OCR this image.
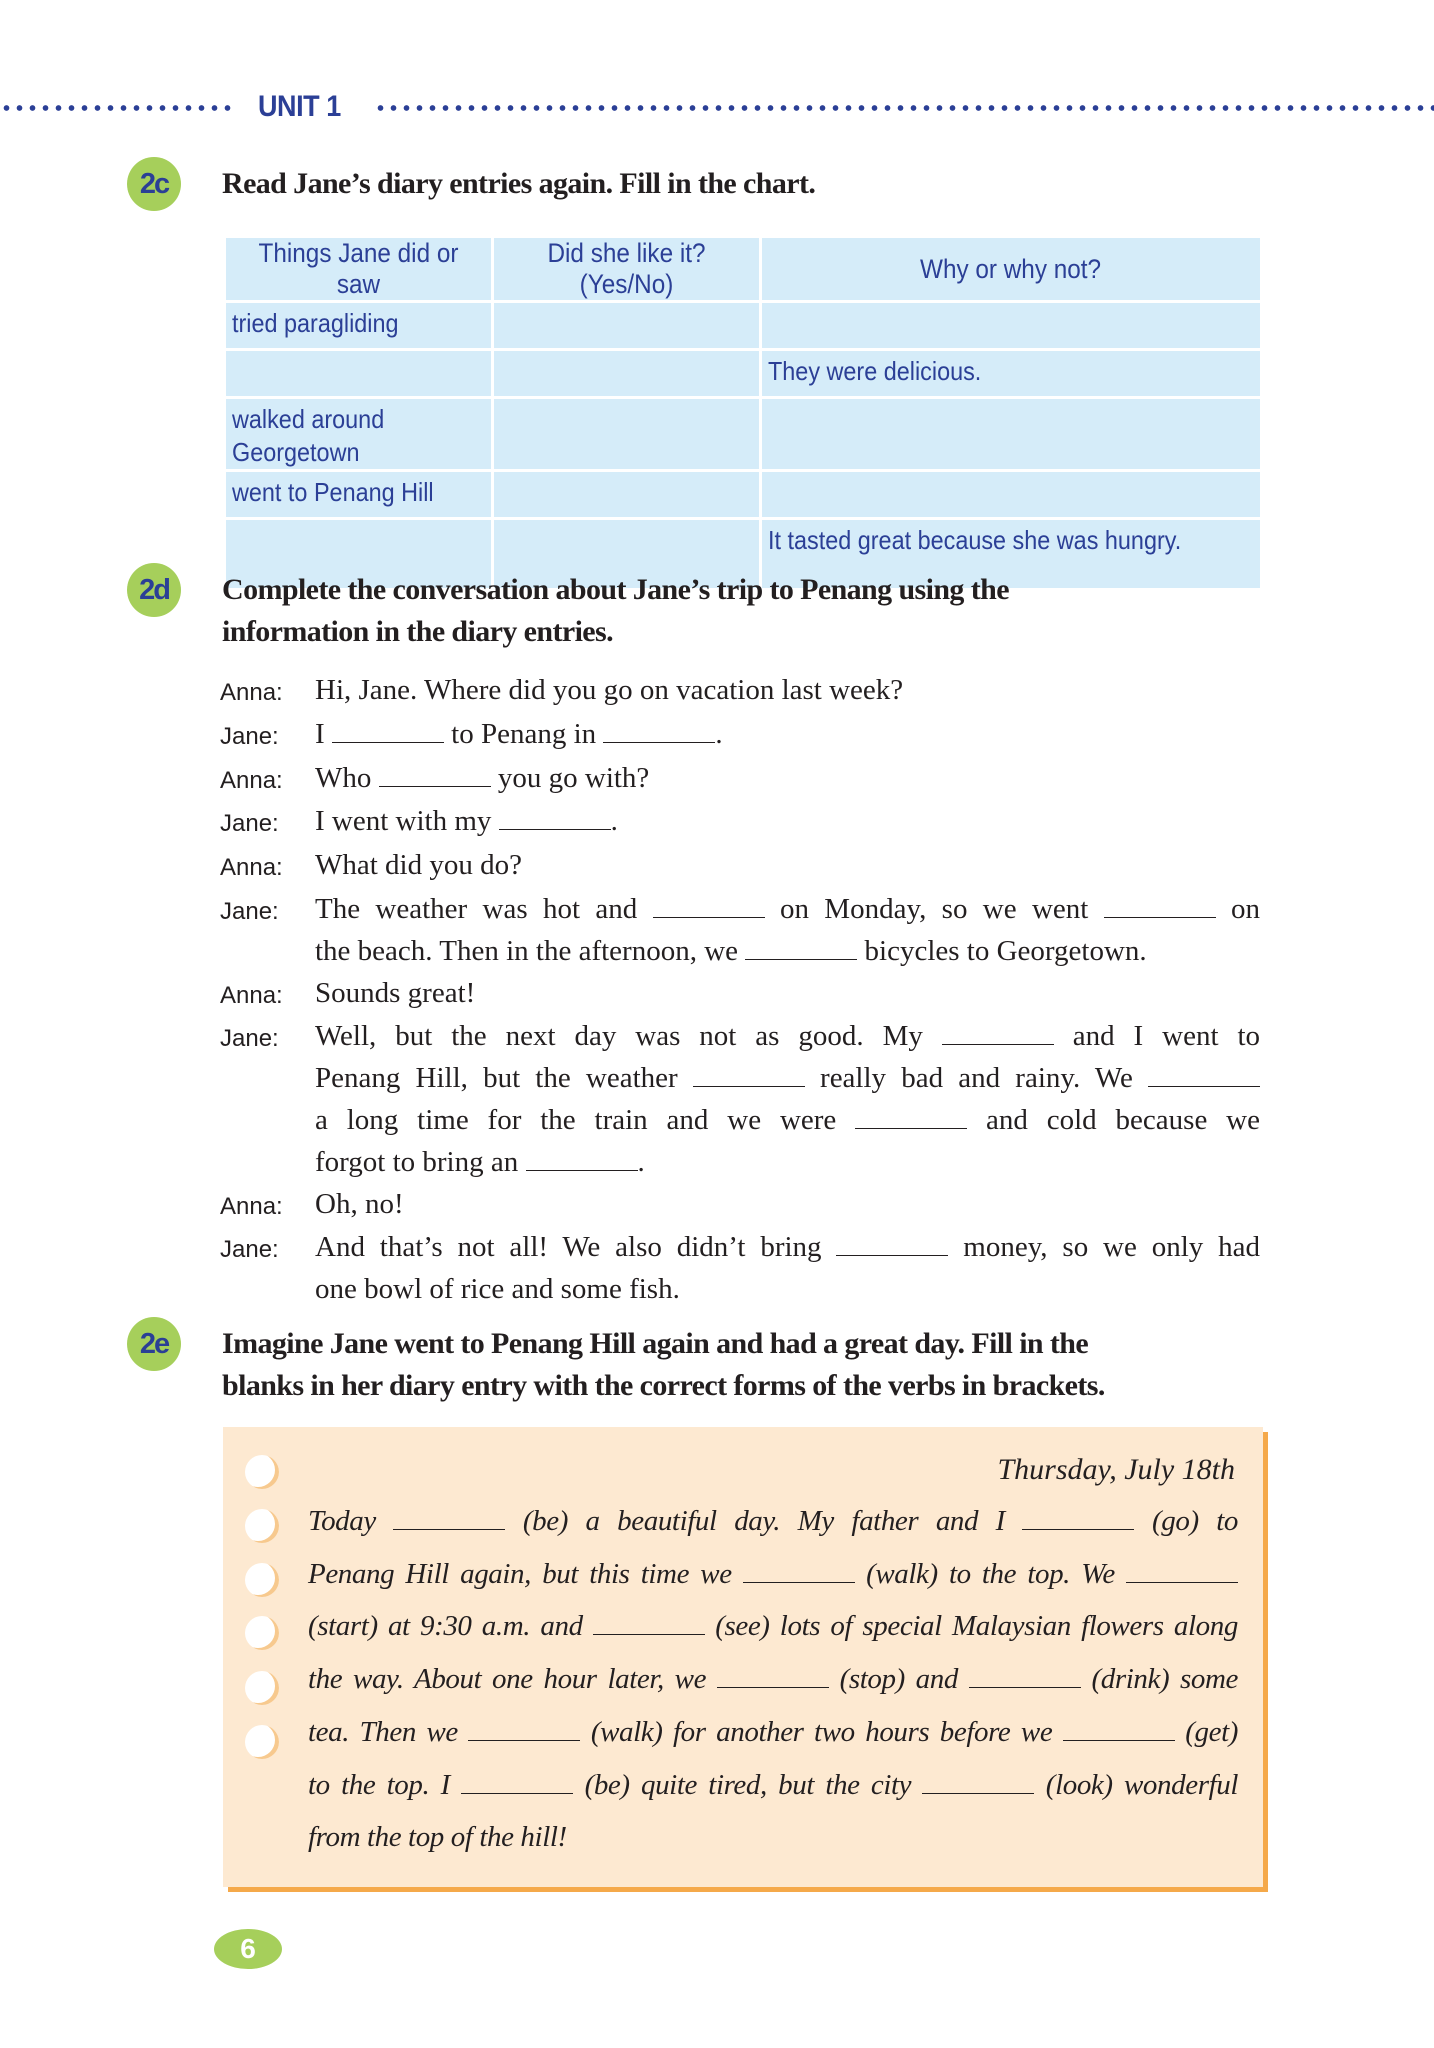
UNIT 1
2c	Read Jane’s diary entries again. Fill in the chart.
Things Jane did or saw	Did she like it? (Yes/No)	Why or why not?
tried paragliding		
		They were delicious.
walked around Georgetown		
went to Penang Hill		
		It tasted great because she was hungry.
2d	Complete the conversation about Jane’s trip to Penang using the
information in the diary entries.
Anna:	Hi, Jane. Where did you go on vacation last week?
Jane:	I	to Penang in	.
Anna:	Who	you go with?
Jane:	I went with my	.
Anna:	What did you do?
Jane:	The weather was hot and	on Monday, so we went	on
the beach. Then in the afternoon, we	bicycles to Georgetown.
Anna:	Sounds great!
Jane:	Well, but the next day was not as good. My	and I went to
Penang Hill, but the weather	really bad and rainy. We
a long time for the train and we were	and cold because we
forgot to bring an	.
Anna:	Oh, no!
Jane:	And that’s not all! We also didn’t bring	money, so we only had
one bowl of rice and some fish.
2e	Imagine Jane went to Penang Hill again and had a great day. Fill in the
blanks in her diary entry with the correct forms of the verbs in brackets.
Thursday, July 18th
Today	(be) a beautiful day. My father and I	(go) to
Penang Hill again, but this time we	(walk) to the top. We
(start) at 9:30 a.m. and	(see) lots of special Malaysian flowers along
the way. About one hour later, we	(stop) and	(drink) some
tea. Then we	(walk) for another two hours before we	(get)
to the top. I	(be) quite tired, but the city	(look) wonderful
from the top of the hill!
6
